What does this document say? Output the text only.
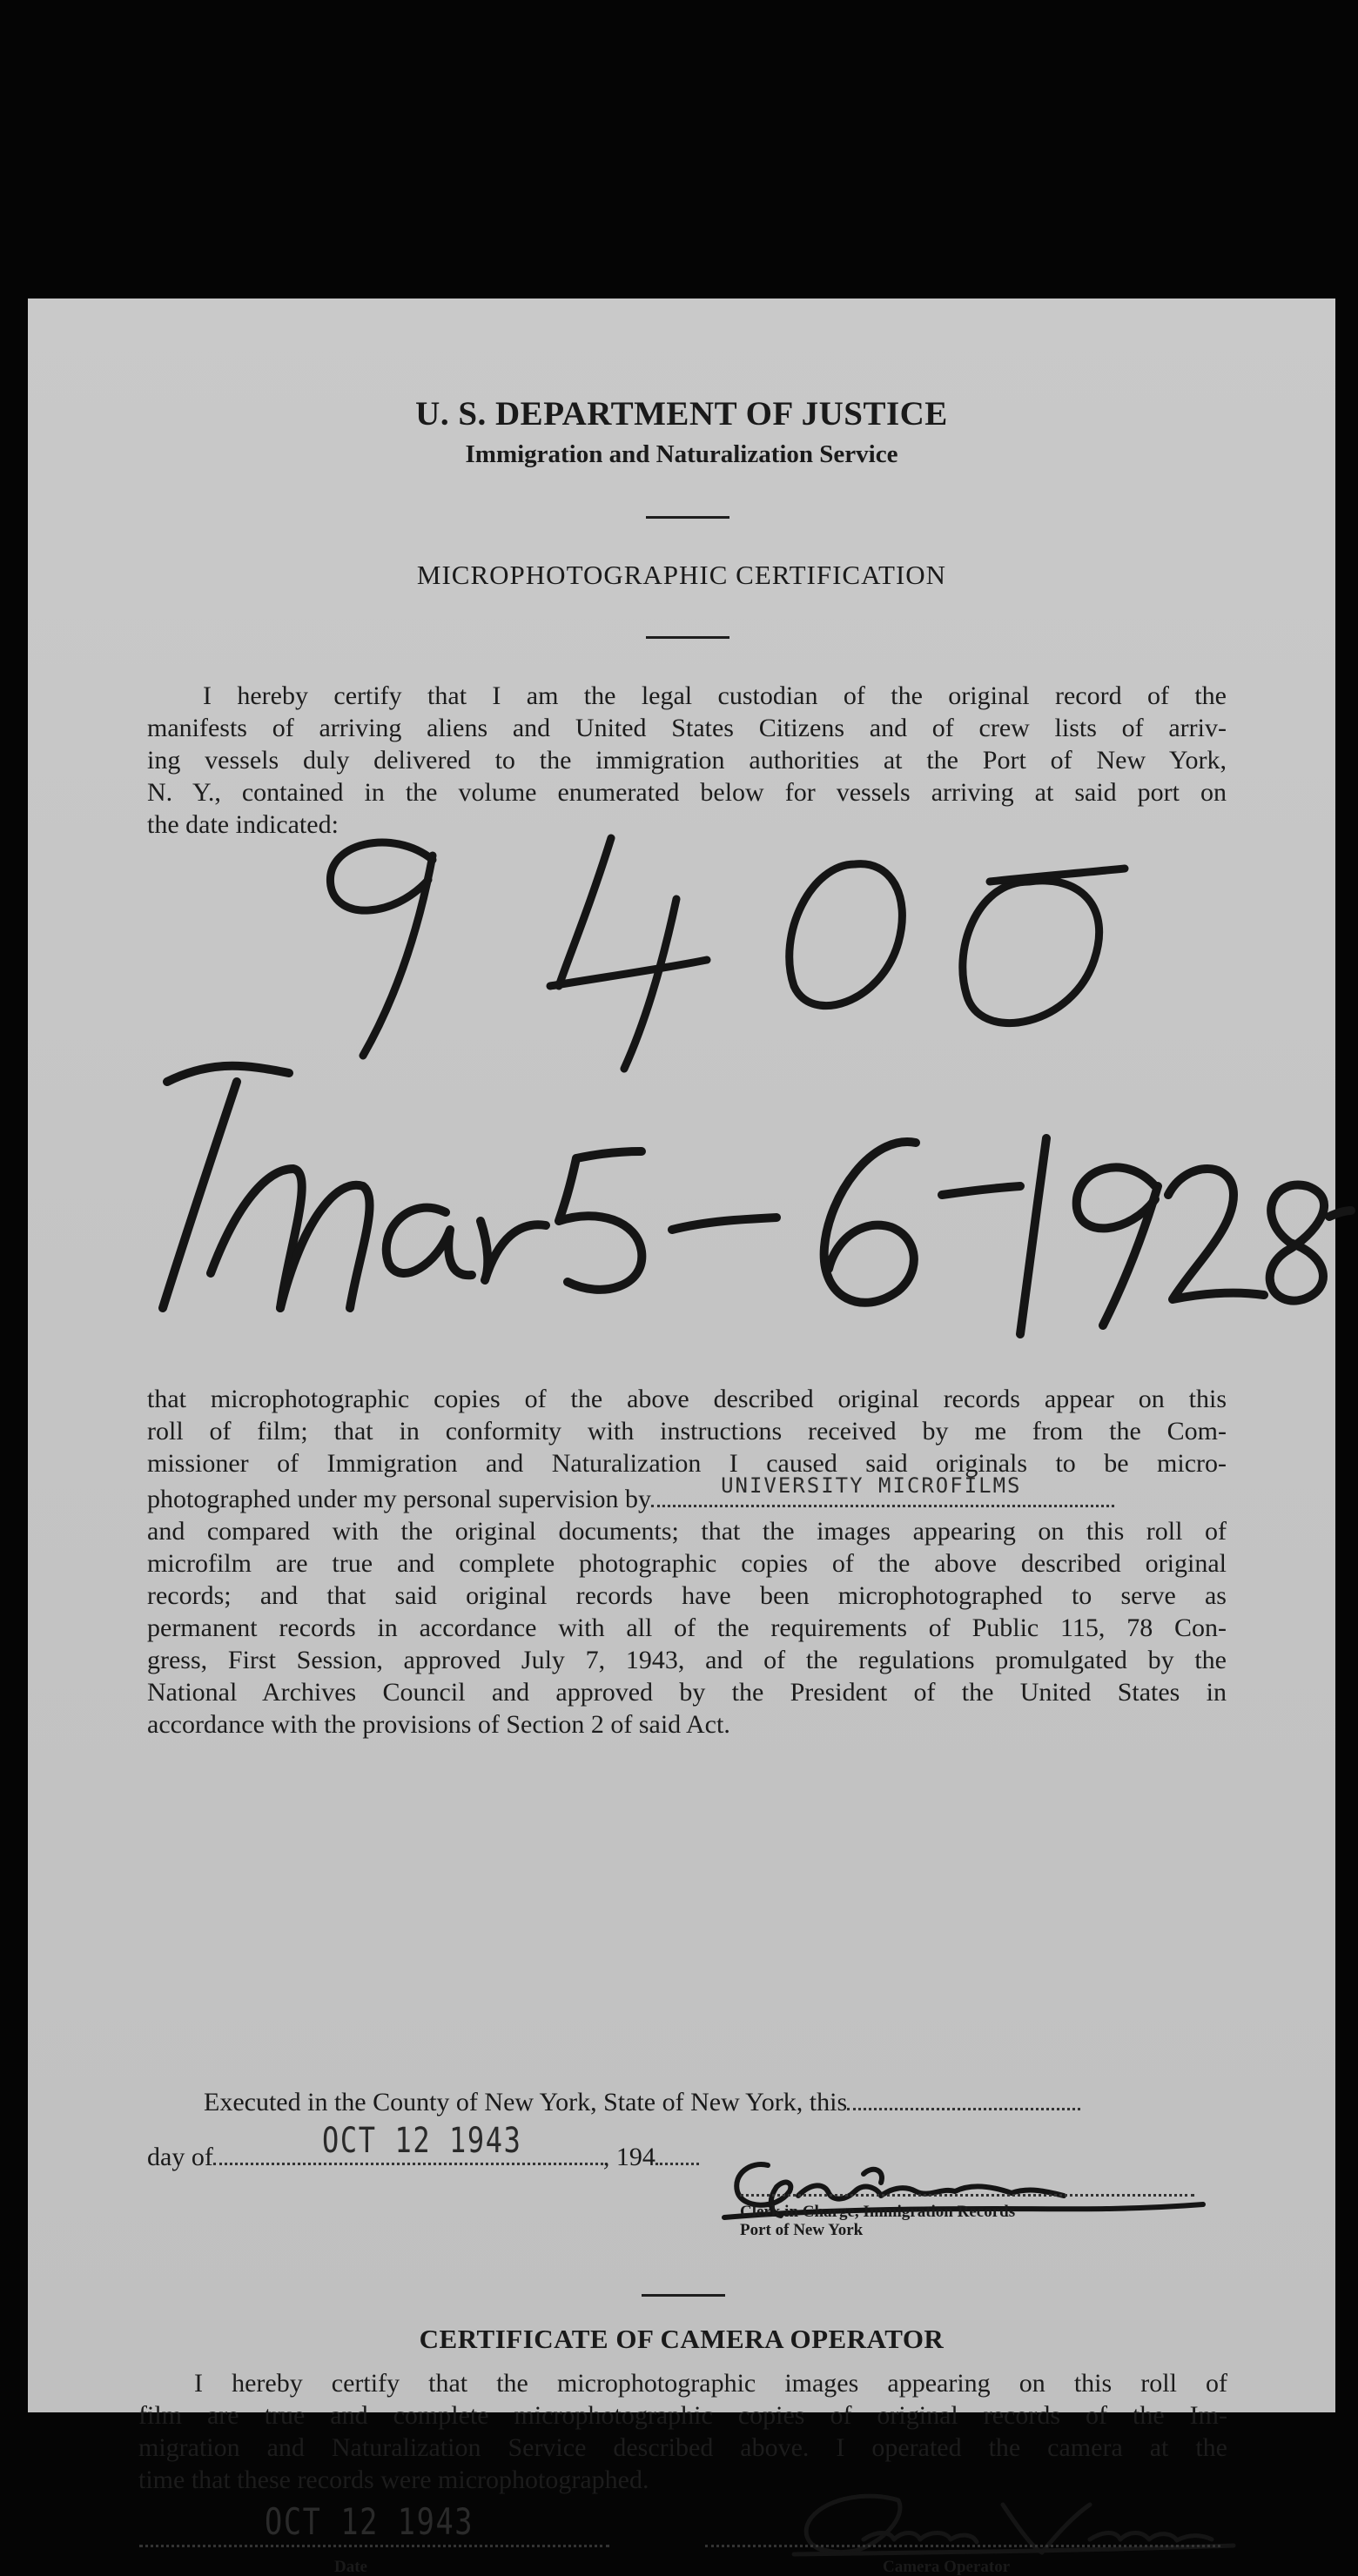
U. S. DEPARTMENT OF JUSTICE
Immigration and Naturalization Service
MICROPHOTOGRAPHIC CERTIFICATION
I hereby certify that I am the legal custodian of the original record of the
manifests of arriving aliens and United States Citizens and of crew lists of arriv-
ing vessels duly delivered to the immigration authorities at the Port of New York,
N. Y., contained in the volume enumerated below for vessels arriving at said port on
the date indicated:
that microphotographic copies of the above described original records appear on this
roll of film; that in conformity with instructions received by me from the Com-
missioner of Immigration and Naturalization I caused said originals to be micro-
photographed under my personal supervision by	UNIVERSITY MICROFILMS
and compared with the original documents; that the images appearing on this roll of
microfilm are true and complete photographic copies of the above described original
records; and that said original records have been microphotographed to serve as
permanent records in accordance with all of the requirements of Public 115, 78 Con-
gress, First Session, approved July 7, 1943, and of the regulations promulgated by the
National Archives Council and approved by the President of the United States in
accordance with the provisions of Section 2 of said Act.
Executed in the County of New York, State of New York, this
day of	OCT 12 1943	, 194
Clerk in Charge, Immigration Records
Port of New York
CERTIFICATE OF CAMERA OPERATOR
I hereby certify that the microphotographic images appearing on this roll of
film are true and complete microphotographic copies of original records of the Im-
migration and Naturalization Service described above. I operated the camera at the
time that these records were microphotographed.
OCT 12 1943
Date	Camera Operator
